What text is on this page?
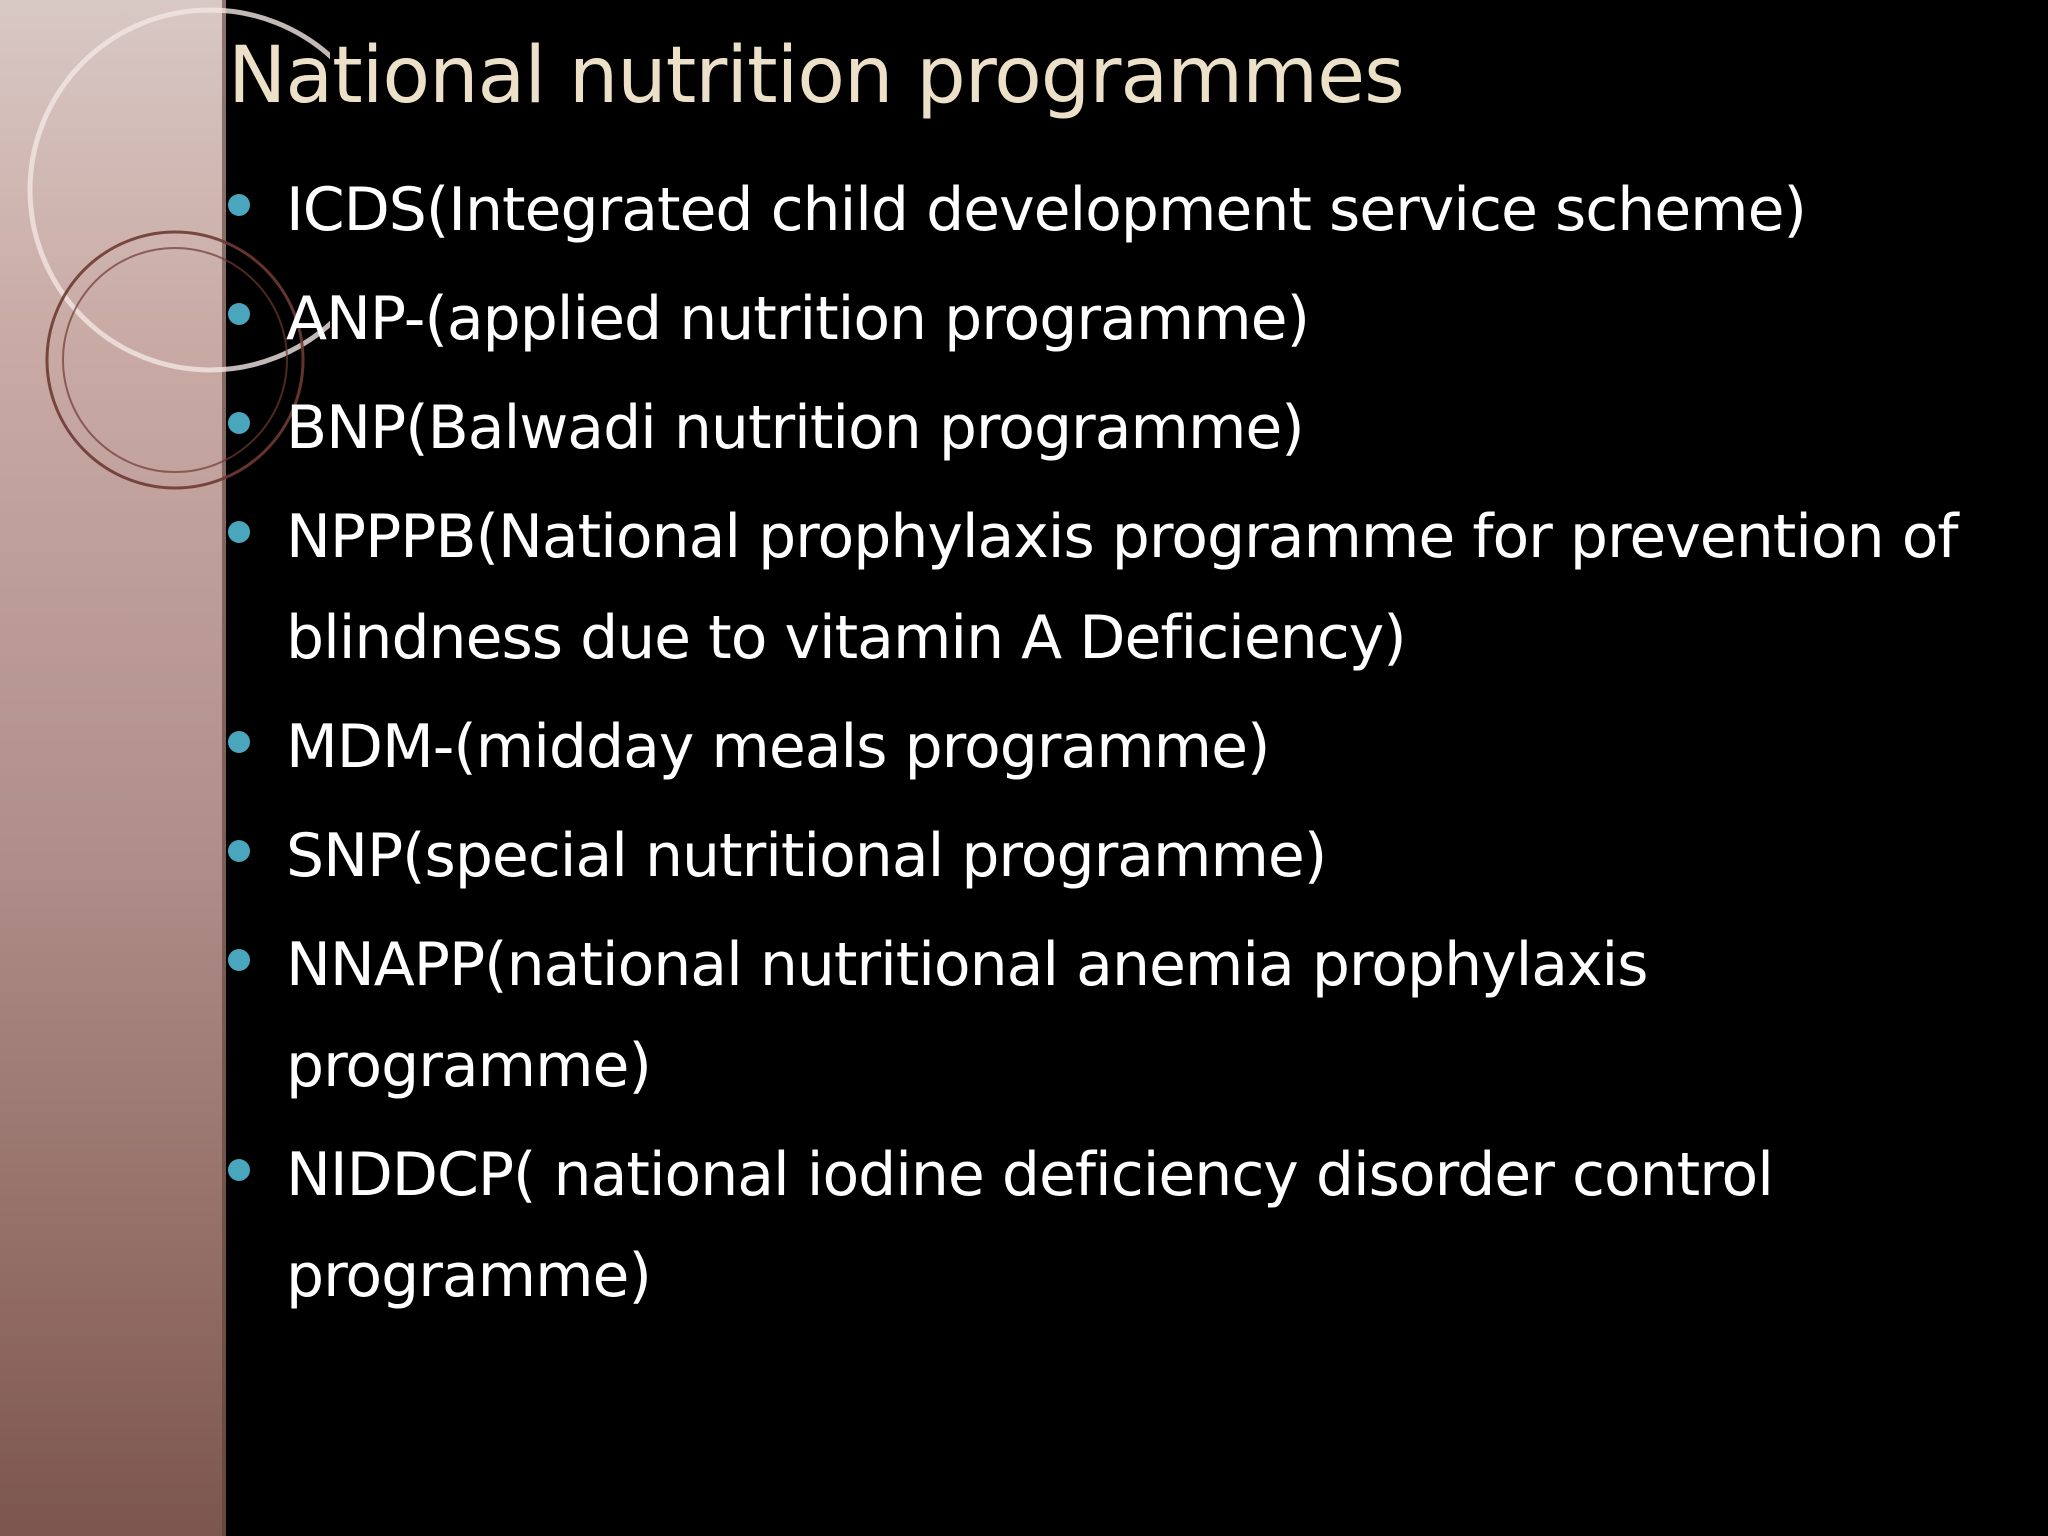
National nutrition programmes
ICDS(Integrated child development service scheme)
ANP-(applied nutrition programme)
BNP(Balwadi nutrition programme)
NPPPB(National prophylaxis programme for prevention of blindness due to vitamin A Deficiency)
MDM-(midday meals programme)
SNP(special nutritional programme)
NNAPP(national nutritional anemia prophylaxis programme)
NIDDCP( national iodine deficiency disorder control programme)
